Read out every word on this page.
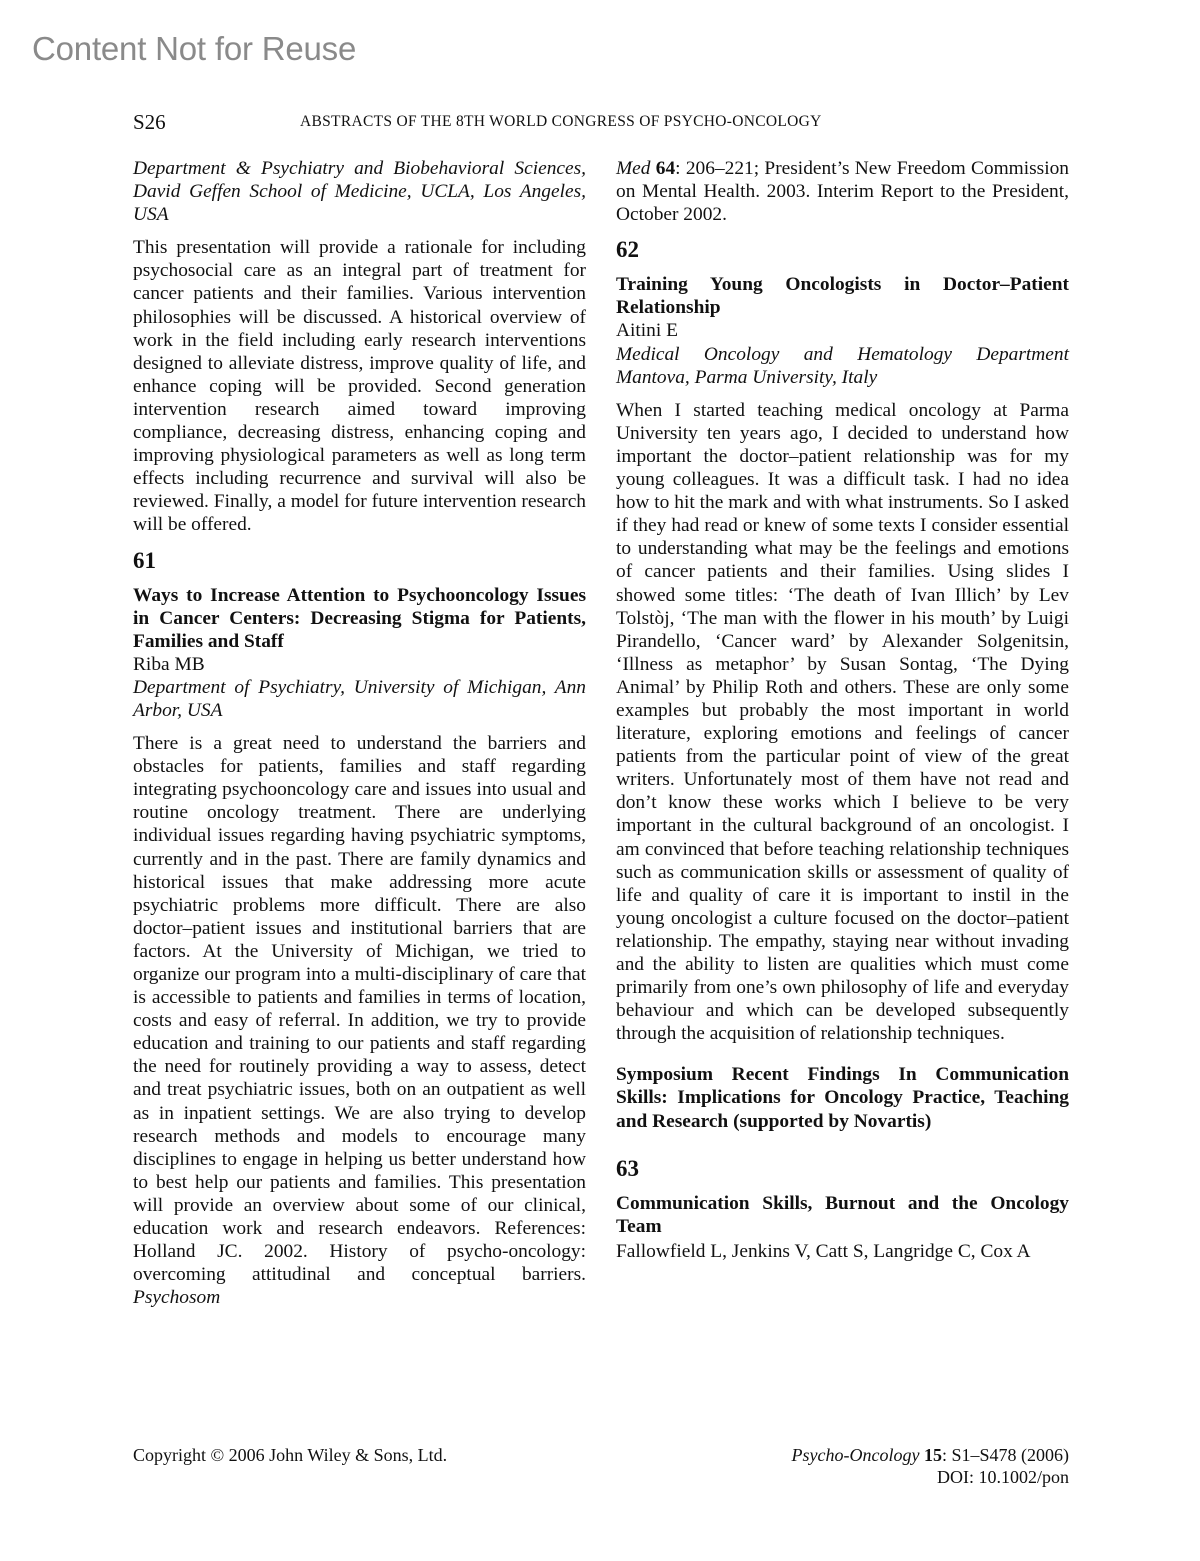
Content Not for Reuse
S26	ABSTRACTS OF THE 8TH WORLD CONGRESS OF PSYCHO-ONCOLOGY

Department & Psychiatry and Biobehavioral Sciences, David Geffen School of Medicine, UCLA, Los Angeles, USA

This presentation will provide a rationale for including psychosocial care as an integral part of treatment for cancer patients and their families. Various intervention philosophies will be discussed. A historical overview of work in the field including early research interventions designed to alleviate distress, improve quality of life, and enhance coping will be provided. Second generation intervention research aimed toward improving compliance, decreasing distress, enhancing coping and improving physiological parameters as well as long term effects including recurrence and survival will also be reviewed. Finally, a model for future intervention research will be offered.

61

Ways to Increase Attention to Psychooncology Issues in Cancer Centers: Decreasing Stigma for Patients, Families and Staff

Riba MB

Department of Psychiatry, University of Michigan, Ann Arbor, USA

There is a great need to understand the barriers and obstacles for patients, families and staff regarding integrating psychooncology care and issues into usual and routine oncology treatment. There are underlying individual issues regarding having psychiatric symptoms, currently and in the past. There are family dynamics and historical issues that make addressing more acute psychiatric problems more difficult. There are also doctor–patient issues and institutional barriers that are factors. At the University of Michigan, we tried to organize our program into a multi-disciplinary of care that is accessible to patients and families in terms of location, costs and easy of referral. In addition, we try to provide education and training to our patients and staff regarding the need for routinely providing a way to assess, detect and treat psychiatric issues, both on an outpatient as well as in inpatient settings. We are also trying to develop research methods and models to encourage many disciplines to engage in helping us better understand how to best help our patients and families. This presentation will provide an overview about some of our clinical, education work and research endeavors. References: Holland JC. 2002. History of psycho-oncology: overcoming attitudinal and conceptual barriers. Psychosom

Med 64: 206–221; President’s New Freedom Commission on Mental Health. 2003. Interim Report to the President, October 2002.

62

Training Young Oncologists in Doctor–Patient Relationship

Aitini E

Medical Oncology and Hematology Department Mantova, Parma University, Italy

When I started teaching medical oncology at Parma University ten years ago, I decided to understand how important the doctor–patient relationship was for my young colleagues. It was a difficult task. I had no idea how to hit the mark and with what instruments. So I asked if they had read or knew of some texts I consider essential to understanding what may be the feelings and emotions of cancer patients and their families. Using slides I showed some titles: ‘The death of Ivan Illich’ by Lev Tolstòj, ‘The man with the flower in his mouth’ by Luigi Pirandello, ‘Cancer ward’ by Alexander Solgenitsin, ‘Illness as metaphor’ by Susan Sontag, ‘The Dying Animal’ by Philip Roth and others. These are only some examples but probably the most important in world literature, exploring emotions and feelings of cancer patients from the particular point of view of the great writers. Unfortunately most of them have not read and don’t know these works which I believe to be very important in the cultural background of an oncologist. I am convinced that before teaching relationship techniques such as communication skills or assessment of quality of life and quality of care it is important to instil in the young oncologist a culture focused on the doctor–patient relationship. The empathy, staying near without invading and the ability to listen are qualities which must come primarily from one’s own philosophy of life and everyday behaviour and which can be developed subsequently through the acquisition of relationship techniques.

Symposium Recent Findings In Communication Skills: Implications for Oncology Practice, Teaching and Research (supported by Novartis)

63

Communication Skills, Burnout and the Oncology Team

Fallowfield L, Jenkins V, Catt S, Langridge C, Cox A

Copyright © 2006 John Wiley & Sons, Ltd.	Psycho-Oncology 15: S1–S478 (2006)
DOI: 10.1002/pon
